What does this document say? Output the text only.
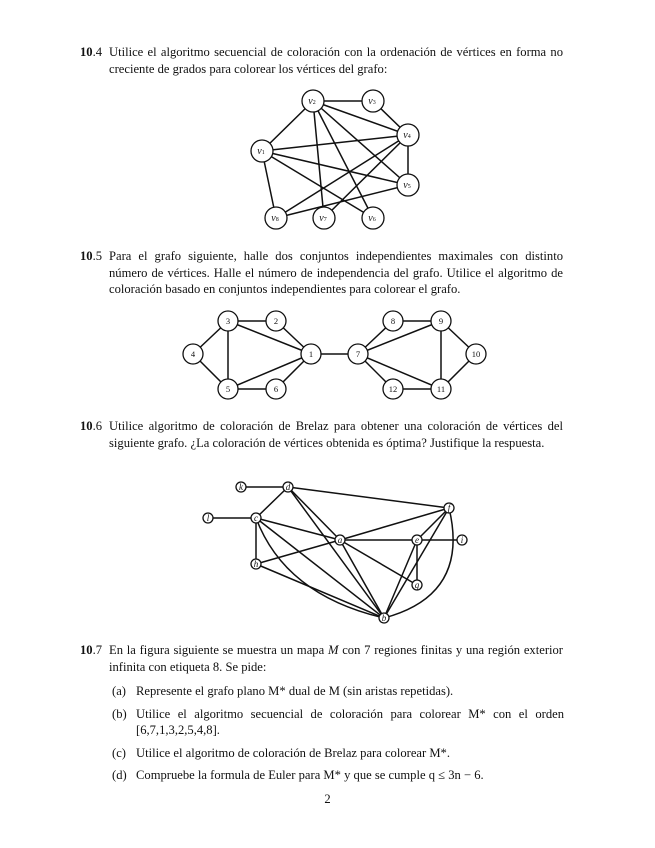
10.4 Utilice el algoritmo secuencial de coloración con la ordenación de vértices en forma no creciente de grados para colorear los vértices del grafo:
$v_2$	$v_3$
$v_4$
$v_1$
$v_5$
$v_8$	$v_7$	$v_6$
10.5 Para el grafo siguiente, halle dos conjuntos independientes maximales con distinto número de vértices. Halle el número de independencia del grafo. Utilice el algoritmo de coloración basado en conjuntos independientes para colorear el grafo.
3	2
4	1
5	6
8	9
7	10
12	11
10.6 Utilice algoritmo de coloración de Brelaz para obtener una coloración de vértices del siguiente grafo. ¿La coloración de vértices obtenida es óptima? Justifique la respuesta.
k	d
l	c
f
a	e	i
h
g
b
10.7 En la figura siguiente se muestra un mapa M con 7 regiones finitas y una región exterior infinita con etiqueta 8. Se pide:
(a) Represente el grafo plano M* dual de M (sin aristas repetidas).
(b) Utilice el algoritmo secuencial de coloración para colorear M* con el orden [6,7,1,3,2,5,4,8].
(c) Utilice el algoritmo de coloración de Brelaz para colorear M*.
(d) Compruebe la formula de Euler para M* y que se cumple q ≤ 3n − 6.
2
